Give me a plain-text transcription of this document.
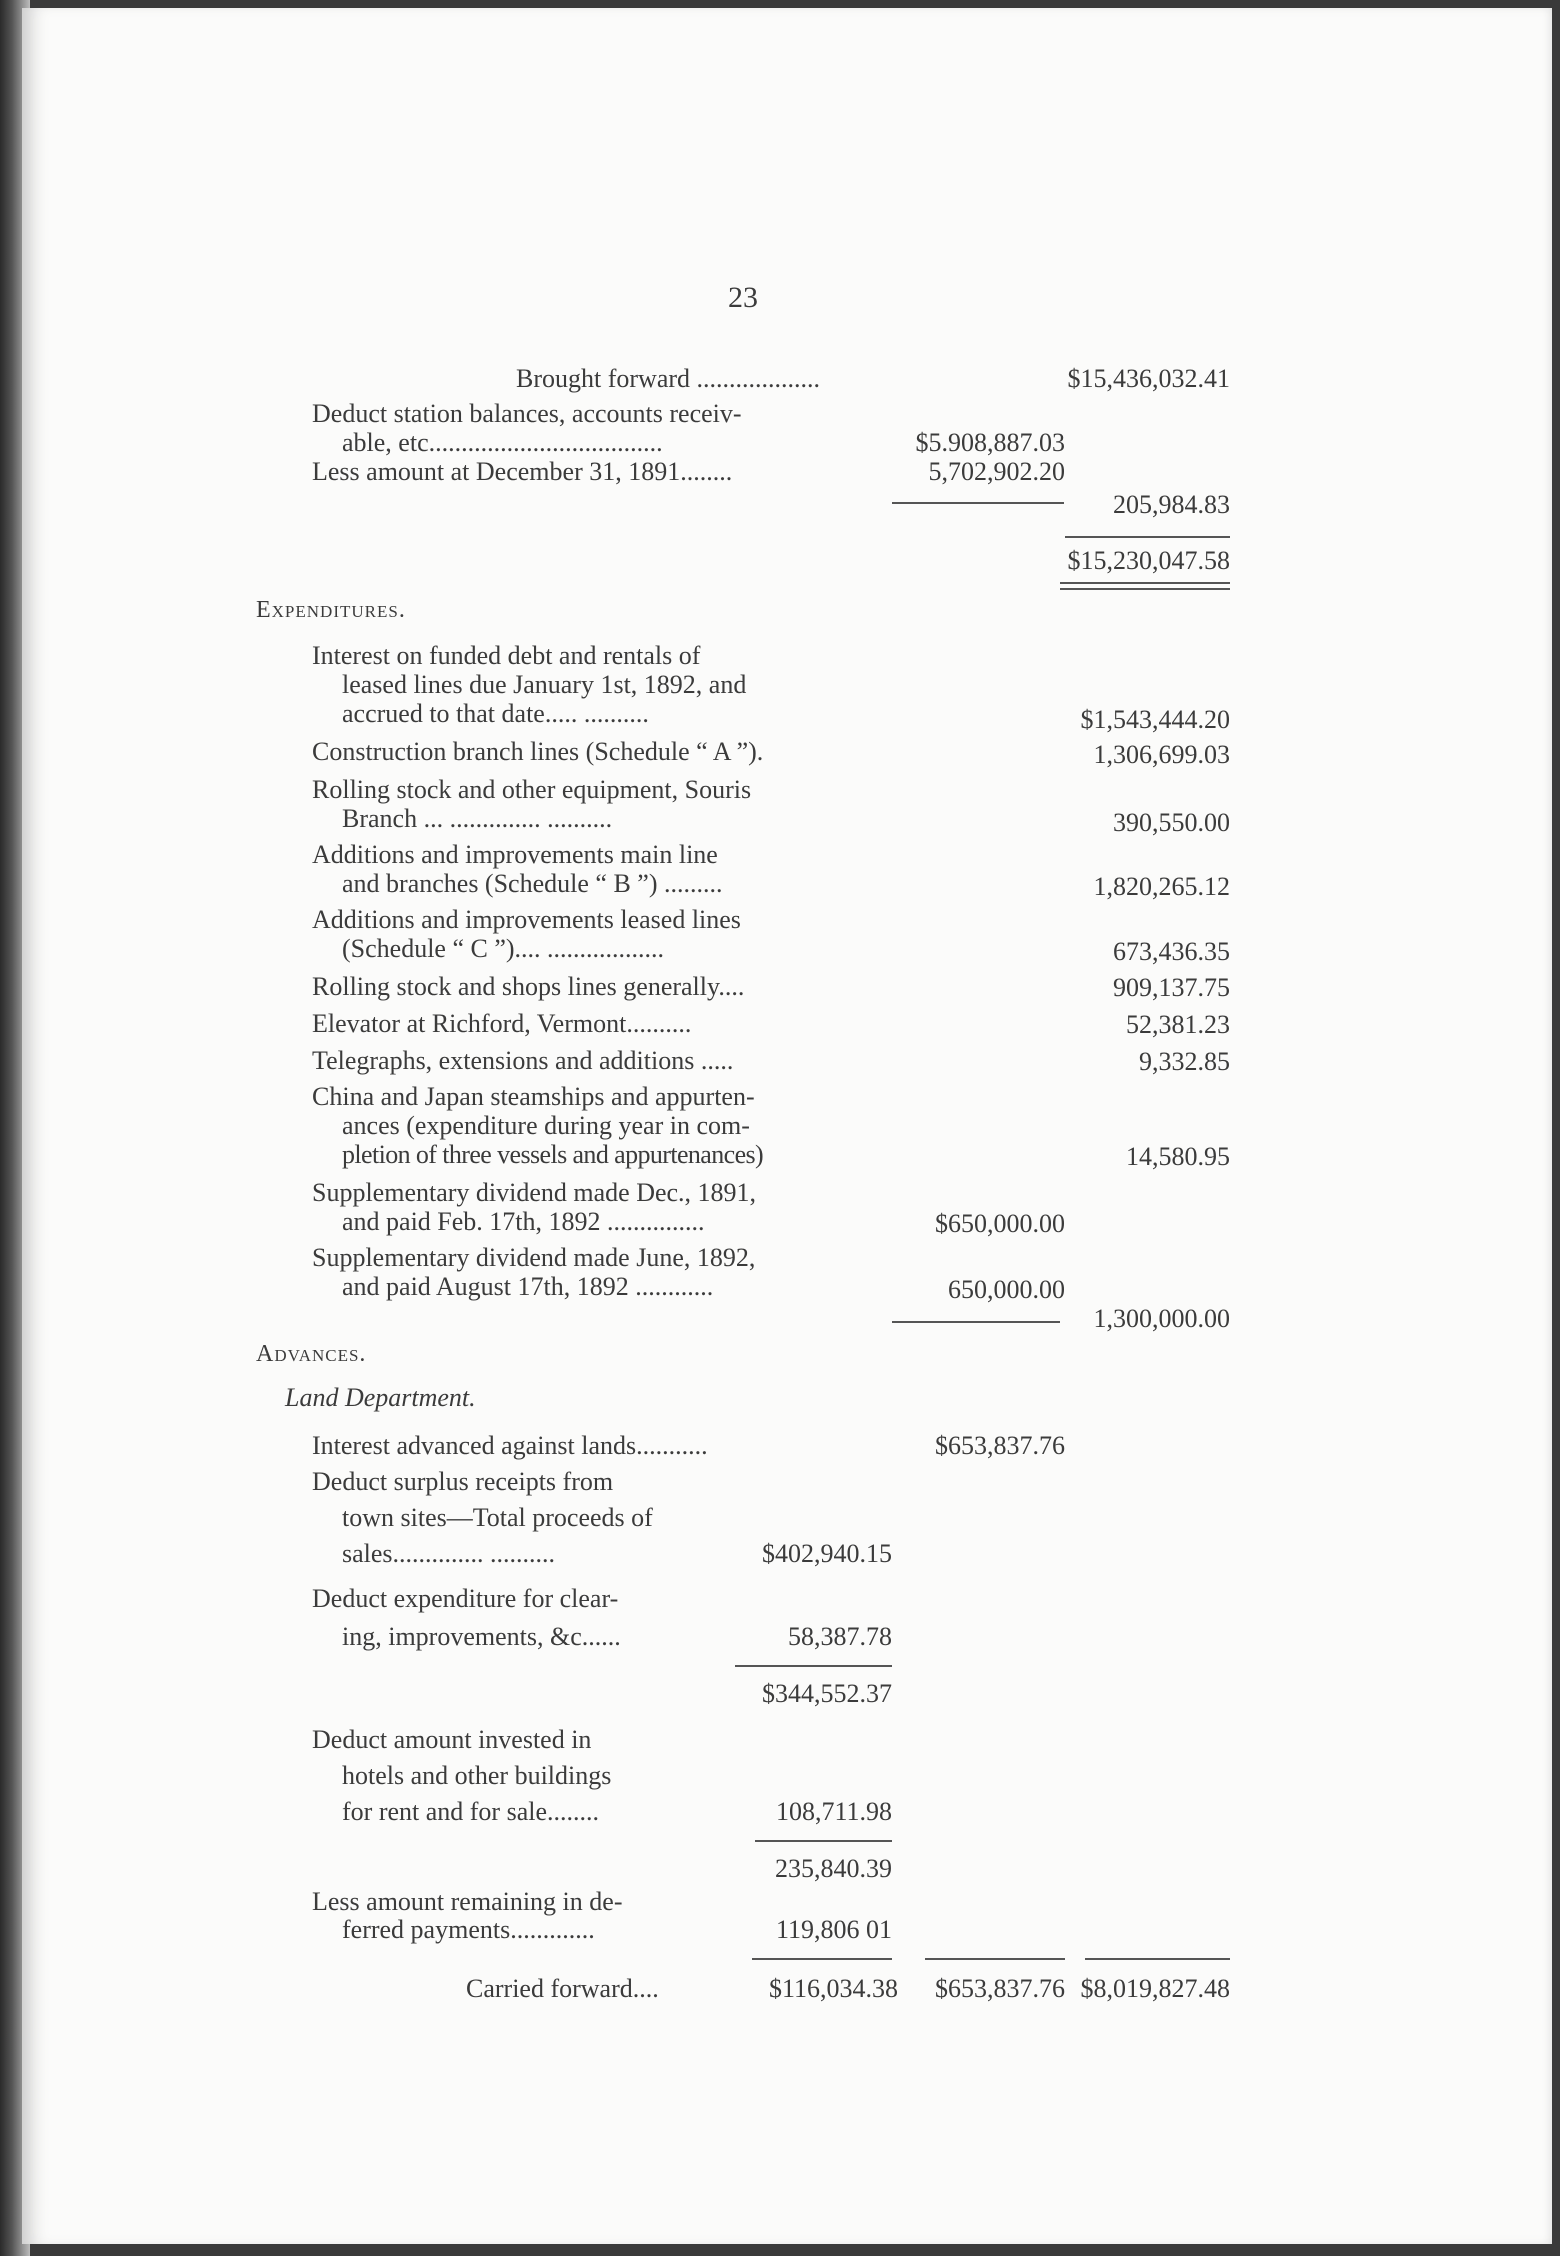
23
Brought forward ...................	$15,436,032.41
Deduct station balances, accounts receiv-
able, etc....................................	$5.908,887.03
Less amount at December 31, 1891........	5,702,902.20
205,984.83
$15,230,047.58
Expenditures.
Interest on funded debt and rentals of
leased lines due January 1st, 1892, and
accrued to that date..... ..........	$1,543,444.20
Construction branch lines (Schedule “ A ”).	1,306,699.03
Rolling stock and other equipment, Souris
Branch ... .............. ..........	390,550.00
Additions and improvements main line
and branches (Schedule “ B ”) .........	1,820,265.12
Additions and improvements leased lines
(Schedule “ C ”).... ..................	673,436.35
Rolling stock and shops lines generally....	909,137.75
Elevator at Richford, Vermont..........	52,381.23
Telegraphs, extensions and additions .....	9,332.85
China and Japan steamships and appurten-
ances (expenditure during year in com-
pletion of three vessels and appurtenances)	14,580.95
Supplementary dividend made Dec., 1891,
and paid Feb. 17th, 1892 ...............	$650,000.00
Supplementary dividend made June, 1892,
and paid August 17th, 1892 ............	650,000.00
1,300,000.00
Advances.
Land Department.
Interest advanced against lands...........	$653,837.76
Deduct surplus receipts from
town sites—Total proceeds of
sales.............. ..........	$402,940.15
Deduct expenditure for clear-
ing, improvements, &c......	58,387.78
$344,552.37
Deduct amount invested in
hotels and other buildings
for rent and for sale........	108,711.98
235,840.39
Less amount remaining in de-
ferred payments.............	119,806 01
Carried forward....	$116,034.38	$653,837.76 $8,019,827.48
